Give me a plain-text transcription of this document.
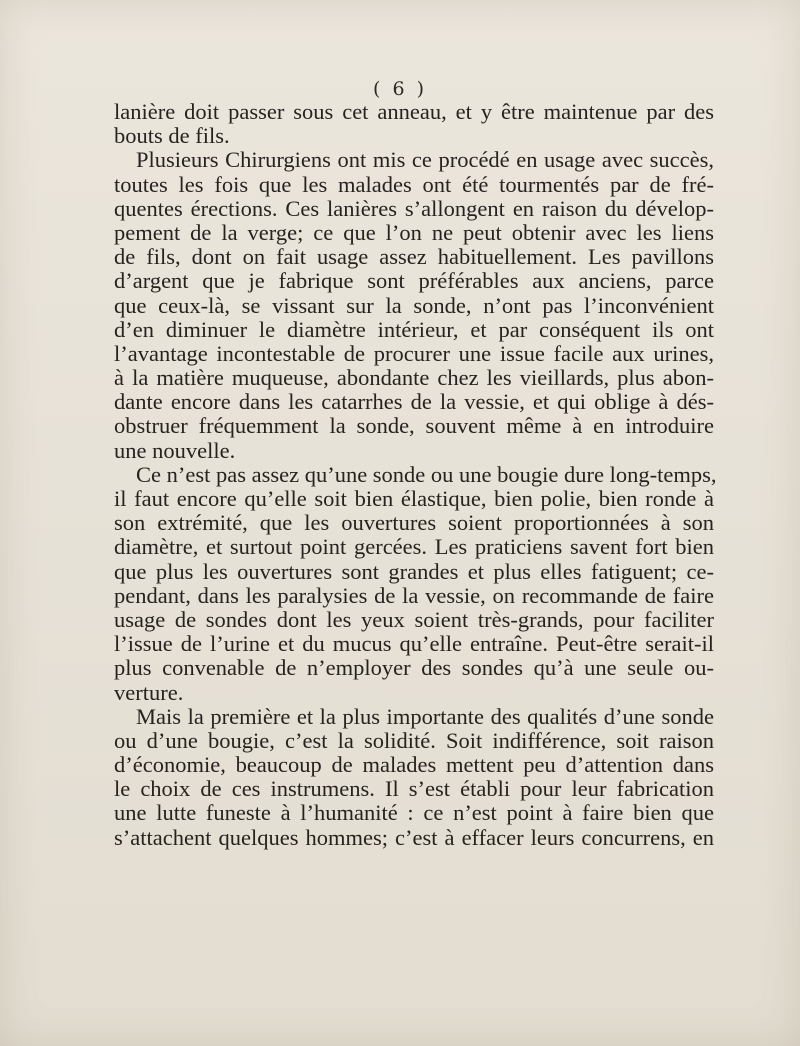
( 6 )
lanière doit passer sous cet anneau, et y être maintenue par des
bouts de fils.
Plusieurs Chirurgiens ont mis ce procédé en usage avec succès,
toutes les fois que les malades ont été tourmentés par de fré-
quentes érections. Ces lanières s’allongent en raison du dévelop-
pement de la verge; ce que l’on ne peut obtenir avec les liens
de fils, dont on fait usage assez habituellement. Les pavillons
d’argent que je fabrique sont préférables aux anciens, parce
que ceux-là, se vissant sur la sonde, n’ont pas l’inconvénient
d’en diminuer le diamètre intérieur, et par conséquent ils ont
l’avantage incontestable de procurer une issue facile aux urines,
à la matière muqueuse, abondante chez les vieillards, plus abon-
dante encore dans les catarrhes de la vessie, et qui oblige à dés-
obstruer fréquemment la sonde, souvent même à en introduire
une nouvelle.
Ce n’est pas assez qu’une sonde ou une bougie dure long-temps,
il faut encore qu’elle soit bien élastique, bien polie, bien ronde à
son extrémité, que les ouvertures soient proportionnées à son
diamètre, et surtout point gercées. Les praticiens savent fort bien
que plus les ouvertures sont grandes et plus elles fatiguent; ce-
pendant, dans les paralysies de la vessie, on recommande de faire
usage de sondes dont les yeux soient très-grands, pour faciliter
l’issue de l’urine et du mucus qu’elle entraîne. Peut-être serait-il
plus convenable de n’employer des sondes qu’à une seule ou-
verture.
Mais la première et la plus importante des qualités d’une sonde
ou d’une bougie, c’est la solidité. Soit indifférence, soit raison
d’économie, beaucoup de malades mettent peu d’attention dans
le choix de ces instrumens. Il s’est établi pour leur fabrication
une lutte funeste à l’humanité : ce n’est point à faire bien que
s’attachent quelques hommes; c’est à effacer leurs concurrens, en
